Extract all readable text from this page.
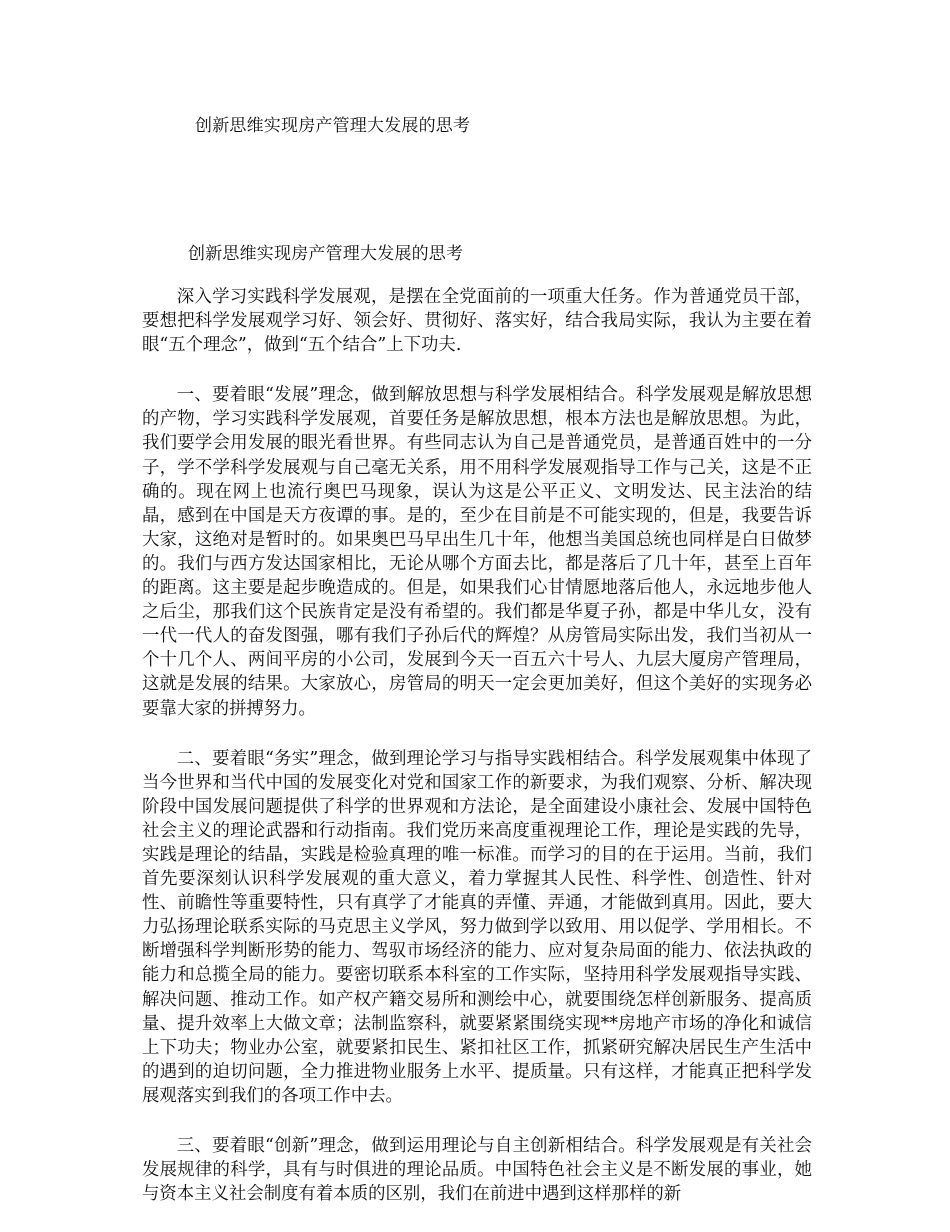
创新思维实现房产管理大发展的思考
创新思维实现房产管理大发展的思考

深入学习实践科学发展观，是摆在全党面前的一项重大任务。作为普通党员干部，要想把科学发展观学习好、领会好、贯彻好、落实好，结合我局实际，我认为主要在着眼“五个理念”，做到“五个结合”上下功夫.

一、要着眼“发展”理念，做到解放思想与科学发展相结合。科学发展观是解放思想的产物，学习实践科学发展观，首要任务是解放思想，根本方法也是解放思想。为此，我们要学会用发展的眼光看世界。有些同志认为自己是普通党员，是普通百姓中的一分子，学不学科学发展观与自己毫无关系，用不用科学发展观指导工作与己关，这是不正确的。现在网上也流行奥巴马现象，误认为这是公平正义、文明发达、民主法治的结晶，感到在中国是天方夜谭的事。是的，至少在目前是不可能实现的，但是，我要告诉大家，这绝对是暂时的。如果奥巴马早出生几十年，他想当美国总统也同样是白日做梦的。我们与西方发达国家相比，无论从哪个方面去比，都是落后了几十年，甚至上百年的距离。这主要是起步晚造成的。但是，如果我们心甘情愿地落后他人，永远地步他人之后尘，那我们这个民族肯定是没有希望的。我们都是华夏子孙，都是中华儿女，没有一代一代人的奋发图强，哪有我们子孙后代的辉煌？从房管局实际出发，我们当初从一个十几个人、两间平房的小公司，发展到今天一百五六十号人、九层大厦房产管理局，这就是发展的结果。大家放心，房管局的明天一定会更加美好，但这个美好的实现务必要靠大家的拼搏努力。

二、要着眼“务实”理念，做到理论学习与指导实践相结合。科学发展观集中体现了当今世界和当代中国的发展变化对党和国家工作的新要求，为我们观察、分析、解决现阶段中国发展问题提供了科学的世界观和方法论，是全面建设小康社会、发展中国特色社会主义的理论武器和行动指南。我们党历来高度重视理论工作，理论是实践的先导，实践是理论的结晶，实践是检验真理的唯一标准。而学习的目的在于运用。当前，我们首先要深刻认识科学发展观的重大意义，着力掌握其人民性、科学性、创造性、针对性、前瞻性等重要特性，只有真学了才能真的弄懂、弄通，才能做到真用。因此，要大力弘扬理论联系实际的马克思主义学风，努力做到学以致用、用以促学、学用相长。不断增强科学判断形势的能力、驾驭市场经济的能力、应对复杂局面的能力、依法执政的能力和总揽全局的能力。要密切联系本科室的工作实际，坚持用科学发展观指导实践、解决问题、推动工作。如产权产籍交易所和测绘中心，就要围绕怎样创新服务、提高质量、提升效率上大做文章；法制监察科，就要紧紧围绕实现**房地产市场的净化和诚信上下功夫；物业办公室，就要紧扣民生、紧扣社区工作，抓紧研究解决居民生产生活中的遇到的迫切问题，全力推进物业服务上水平、提质量。只有这样，才能真正把科学发展观落实到我们的各项工作中去。

三、要着眼“创新”理念，做到运用理论与自主创新相结合。科学发展观是有关社会发展规律的科学，具有与时俱进的理论品质。中国特色社会主义是不断发展的事业，她与资本主义社会制度有着本质的区别，我们在前进中遇到这样那样的新
